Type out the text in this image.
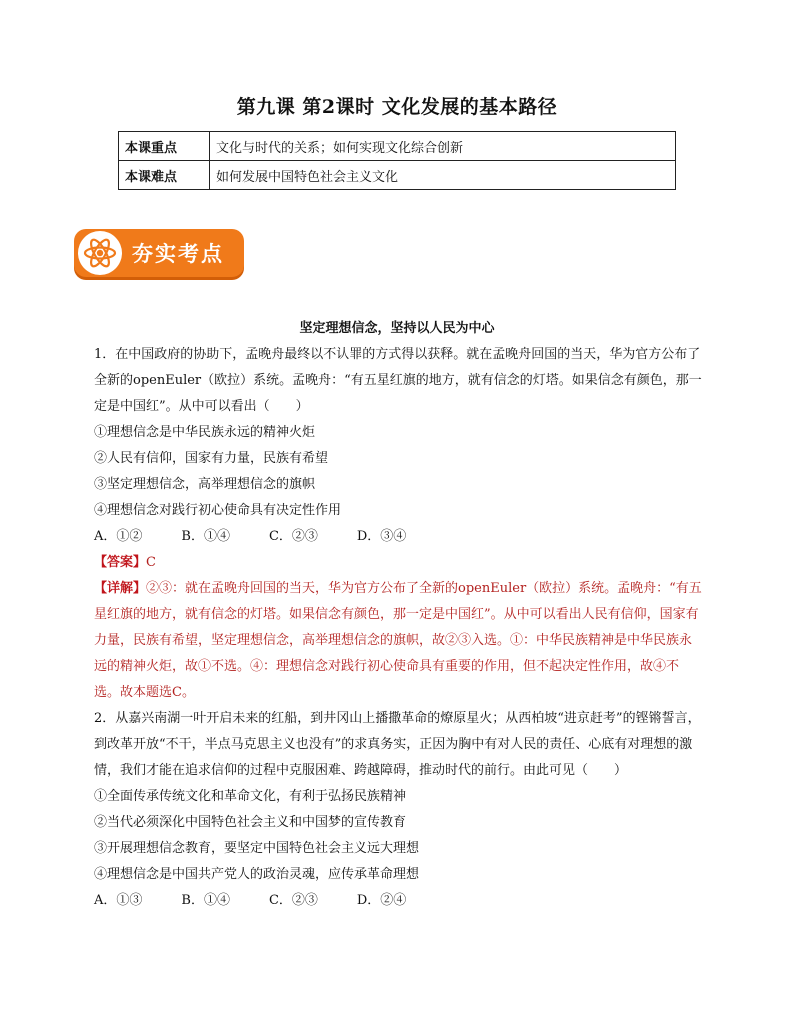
第九课 第2课时 文化发展的基本路径
本课重点	文化与时代的关系；如何实现文化综合创新
本课难点	如何发展中国特色社会主义文化
夯实考点
坚定理想信念，坚持以人民为中心

1．在中国政府的协助下，孟晚舟最终以不认罪的方式得以获释。就在孟晚舟回国的当天，华为官方公布了全新的openEuler（欧拉）系统。孟晚舟：“有五星红旗的地方，就有信念的灯塔。如果信念有颜色，那一定是中国红”。从中可以看出（　　）

①理想信念是中华民族永远的精神火炬

②人民有信仰，国家有力量，民族有希望

③坚定理想信念，高举理想信念的旗帜

④理想信念对践行初心使命具有决定性作用

A．①②　　　B．①④　　　C．②③　　　D．③④

【答案】C

【详解】②③：就在孟晚舟回国的当天，华为官方公布了全新的openEuler（欧拉）系统。孟晚舟：“有五星红旗的地方，就有信念的灯塔。如果信念有颜色，那一定是中国红”。从中可以看出人民有信仰，国家有力量，民族有希望，坚定理想信念，高举理想信念的旗帜，故②③入选。①：中华民族精神是中华民族永远的精神火炬，故①不选。④：理想信念对践行初心使命具有重要的作用，但不起决定性作用，故④不选。故本题选C。

2．从嘉兴南湖一叶开启未来的红船，到井冈山上播撒革命的燎原星火；从西柏坡“进京赶考”的铿锵誓言，到改革开放“不干，半点马克思主义也没有”的求真务实，正因为胸中有对人民的责任、心底有对理想的激情，我们才能在追求信仰的过程中克服困难、跨越障碍，推动时代的前行。由此可见（　　）

①全面传承传统文化和革命文化，有利于弘扬民族精神

②当代必须深化中国特色社会主义和中国梦的宣传教育

③开展理想信念教育，要坚定中国特色社会主义远大理想

④理想信念是中国共产党人的政治灵魂，应传承革命理想

A．①③　　　B．①④　　　C．②③　　　D．②④
